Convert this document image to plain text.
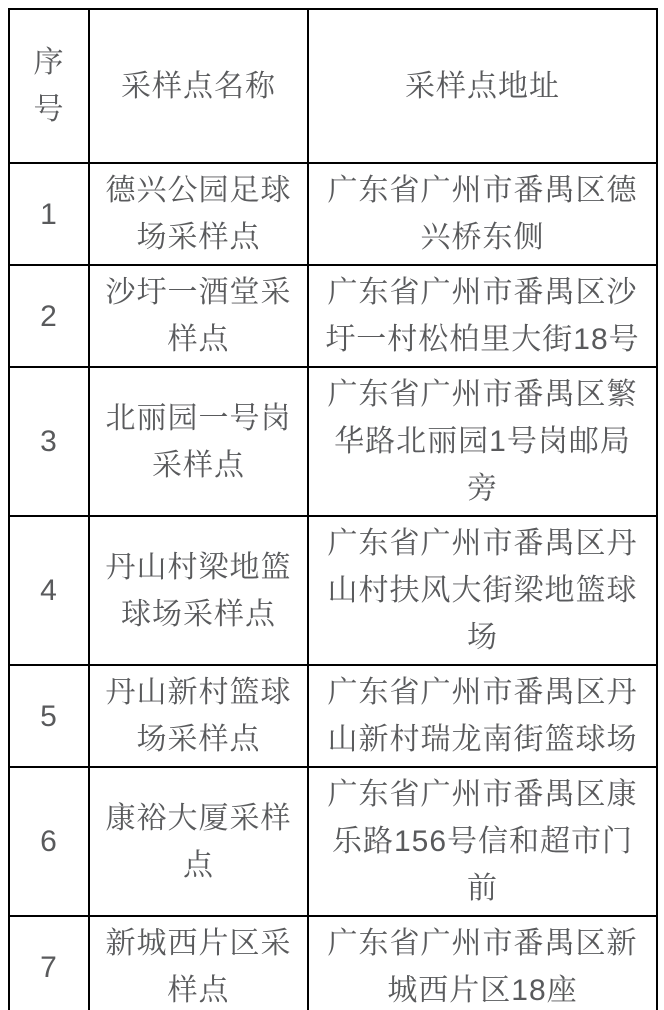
序号	采样点名称	采样点地址
1	德兴公园足球场采样点	广东省广州市番禺区德兴桥东侧
2	沙圩一酒堂采样点	广东省广州市番禺区沙圩一村松柏里大街18号
3	北丽园一号岗采样点	广东省广州市番禺区繁华路北丽园1号岗邮局旁
4	丹山村梁地篮球场采样点	广东省广州市番禺区丹山村扶风大街梁地篮球场
5	丹山新村篮球场采样点	广东省广州市番禺区丹山新村瑞龙南街篮球场
6	康裕大厦采样点	广东省广州市番禺区康乐路156号信和超市门前
7	新城西片区采样点	广东省广州市番禺区新城西片区18座
